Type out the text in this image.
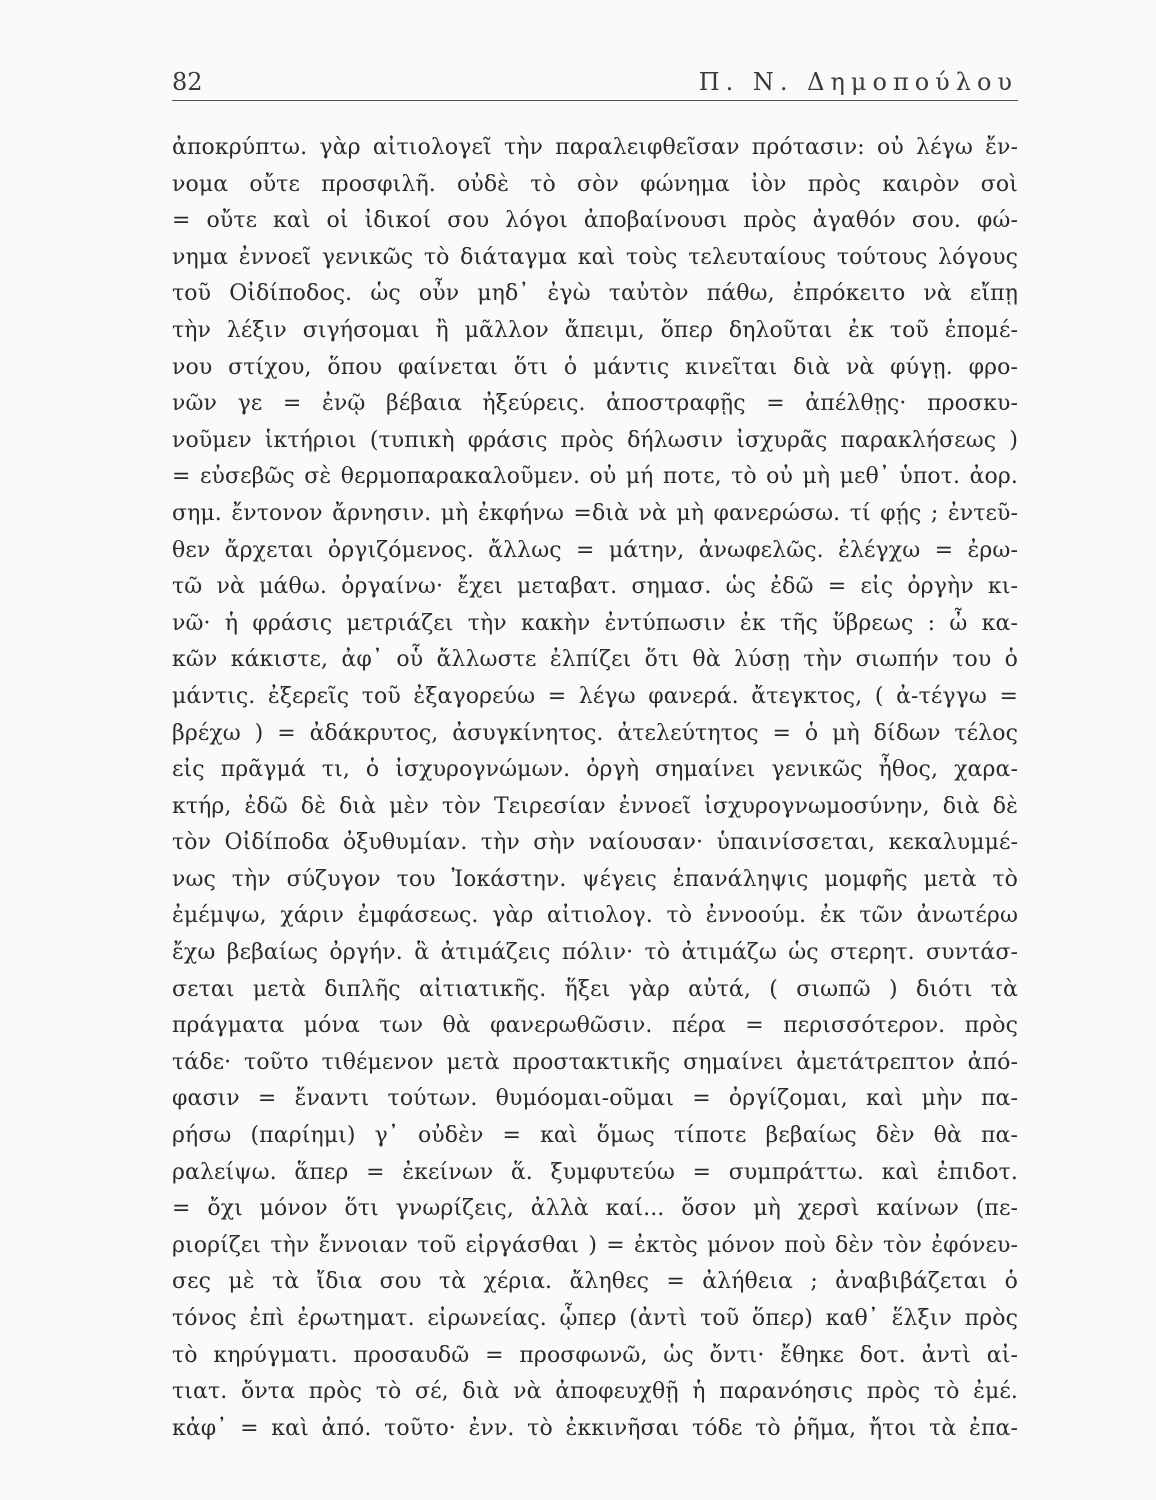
82	Π. Ν. Δημοπούλου
ἀποκρύπτω. γὰρ αἰτιολογεῖ τὴν παραλειφθεῖσαν πρότασιν: οὐ λέγω ἔν-
νομα οὔτε προσφιλῆ. οὐδὲ τὸ σὸν φώνημα ἰὸν πρὸς καιρὸν σοὶ
= οὔτε καὶ οἱ ἰδικοί σου λόγοι ἀποβαίνουσι πρὸς ἀγαθόν σου. φώ-
νημα ἐννοεῖ γενικῶς τὸ διάταγμα καὶ τοὺς τελευταίους τούτους λόγους
τοῦ Οἰδίποδος. ὡς οὖν μηδ᾽ ἐγὼ ταὐτὸν πάθω, ἐπρόκειτο νὰ εἴπῃ
τὴν λέξιν σιγήσομαι ἢ μᾶλλον ἄπειμι, ὅπερ δηλοῦται ἐκ τοῦ ἑπομέ-
νου στίχου, ὅπου φαίνεται ὅτι ὁ μάντις κινεῖται διὰ νὰ φύγῃ. φρο-
νῶν γε = ἐνῷ βέβαια ἠξεύρεις. ἀποστραφῇς = ἀπέλθῃς· προσκυ-
νοῦμεν ἱκτήριοι (τυπικὴ φράσις πρὸς δήλωσιν ἰσχυρᾶς παρακλήσεως )
= εὐσεβῶς σὲ θερμοπαρακαλοῦμεν. οὐ μή ποτε, τὸ οὐ μὴ μεθ᾽ ὑποτ. ἀορ.
σημ. ἔντονον ἄρνησιν. μὴ ἐκφήνω =διὰ νὰ μὴ φανερώσω. τί φῄς ; ἐντεῦ-
θεν ἄρχεται ὀργιζόμενος. ἄλλως = μάτην, ἀνωφελῶς. ἐλέγχω = ἐρω-
τῶ νὰ μάθω. ὀργαίνω· ἔχει μεταβατ. σημασ. ὡς ἐδῶ = εἰς ὀργὴν κι-
νῶ· ἡ φράσις μετριάζει τὴν κακὴν ἐντύπωσιν ἐκ τῆς ὕβρεως : ὦ κα-
κῶν κάκιστε, ἀφ᾽ οὗ ἄλλωστε ἐλπίζει ὅτι θὰ λύσῃ τὴν σιωπήν του ὁ
μάντις. ἐξερεῖς τοῦ ἐξαγορεύω = λέγω φανερά. ἄτεγκτος, ( ἀ-τέγγω =
βρέχω ) = ἀδάκρυτος, ἀσυγκίνητος. ἀτελεύτητος = ὁ μὴ δίδων τέλος
εἰς πρᾶγμά τι, ὁ ἰσχυρογνώμων. ὀργὴ σημαίνει γενικῶς ἦθος, χαρα-
κτήρ, ἐδῶ δὲ διὰ μὲν τὸν Τειρεσίαν ἐννοεῖ ἰσχυρογνωμοσύνην, διὰ δὲ
τὸν Οἰδίποδα ὀξυθυμίαν. τὴν σὴν ναίουσαν· ὑπαινίσσεται, κεκαλυμμέ-
νως τὴν σύζυγον του Ἰοκάστην. ψέγεις ἐπανάληψις μομφῆς μετὰ τὸ
ἐμέμψω, χάριν ἐμφάσεως. γὰρ αἰτιολογ. τὸ ἐννοούμ. ἐκ τῶν ἀνωτέρω
ἔχω βεβαίως ὀργήν. ἃ ἀτιμάζεις πόλιν· τὸ ἀτιμάζω ὡς στερητ. συντάσ-
σεται μετὰ διπλῆς αἰτιατικῆς. ἥξει γὰρ αὐτά, ( σιωπῶ ) διότι τὰ
πράγματα μόνα των θὰ φανερωθῶσιν. πέρα = περισσότερον. πρὸς
τάδε· τοῦτο τιθέμενον μετὰ προστακτικῆς σημαίνει ἀμετάτρεπτον ἀπό-
φασιν = ἔναντι τούτων. θυμόομαι-οῦμαι = ὀργίζομαι, καὶ μὴν πα-
ρήσω (παρίημι) γ᾽ οὐδὲν = καὶ ὅμως τίποτε βεβαίως δὲν θὰ πα-
ραλείψω. ἅπερ = ἐκείνων ἅ. ξυμφυτεύω = συμπράττω. καὶ ἐπιδοτ.
= ὄχι μόνον ὅτι γνωρίζεις, ἀλλὰ καί... ὅσον μὴ χερσὶ καίνων (πε-
ριορίζει τὴν ἔννοιαν τοῦ εἰργάσθαι ) = ἐκτὸς μόνον ποὺ δὲν τὸν ἐφόνευ-
σες μὲ τὰ ἴδια σου τὰ χέρια. ἄληθες = ἀλήθεια ; ἀναβιβάζεται ὁ
τόνος ἐπὶ ἐρωτηματ. εἰρωνείας. ᾧπερ (ἀντὶ τοῦ ὅπερ) καθ᾽ ἕλξιν πρὸς
τὸ κηρύγματι. προσαυδῶ = προσφωνῶ, ὡς ὄντι· ἔθηκε δοτ. ἀντὶ αἰ-
τιατ. ὄντα πρὸς τὸ σέ, διὰ νὰ ἀποφευχθῇ ἡ παρανόησις πρὸς τὸ ἐμέ.
κἀφ᾽ = καὶ ἀπό. τοῦτο· ἐνν. τὸ ἐκκινῆσαι τόδε τὸ ῥῆμα, ἤτοι τὰ ἐπα-
